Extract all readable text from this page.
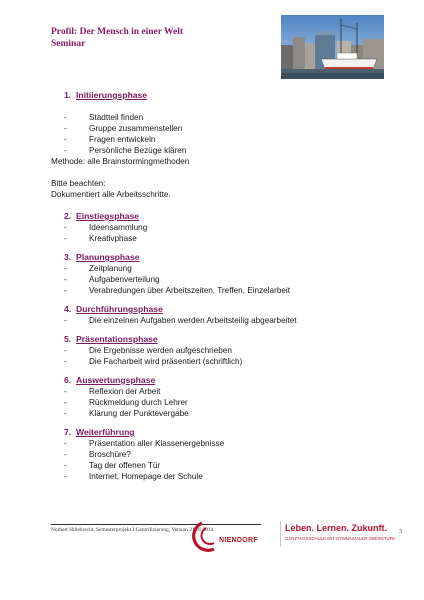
Profil: Der Mensch in einer Welt
Seminar
1. Initiierungsphase
- Stadtteil finden
- Gruppe zusammenstellen
- Fragen entwickeln
- Persönliche Bezüge klären
Methode: alle Brainstormingmethoden
Bitte beachten:
Dokumentiert alle Arbeitsschritte.
2. Einstiegsphase
- Ideensammlung
- Kreativphase
3. Planungsphase
- Zeitplanung
- Aufgabenverteilung
- Verabredungen über Arbeitszeiten, Treffen, Einzelarbeit
4. Durchführungsphase
- Die einzelnen Aufgaben werden Arbeitsteilig abgearbeitet
5. Präsentationsphase
- Die Ergebnisse werden aufgeschrieben
- Die Facharbeit wird präsentiert (schriftlich)
6. Auswertungsphase
- Reflexion der Arbeit
- Rückmeldung durch Lehrer
- Klärung der Punktevergabe
7. Weiterführung
- Präsentation aller Klassenergebnisse
- Broschüre?
- Tag der offenen Tür
- Internet, Homepage der Schule
Norbert Hillebrecht, Semesterprojekt I Gentrifizierung, Version 21.01.2014
NIENDORF
Leben. Lernen. Zukunft.
GANZTAGSSCHULE MIT GYMNASIALER OBERSTUFE
3
